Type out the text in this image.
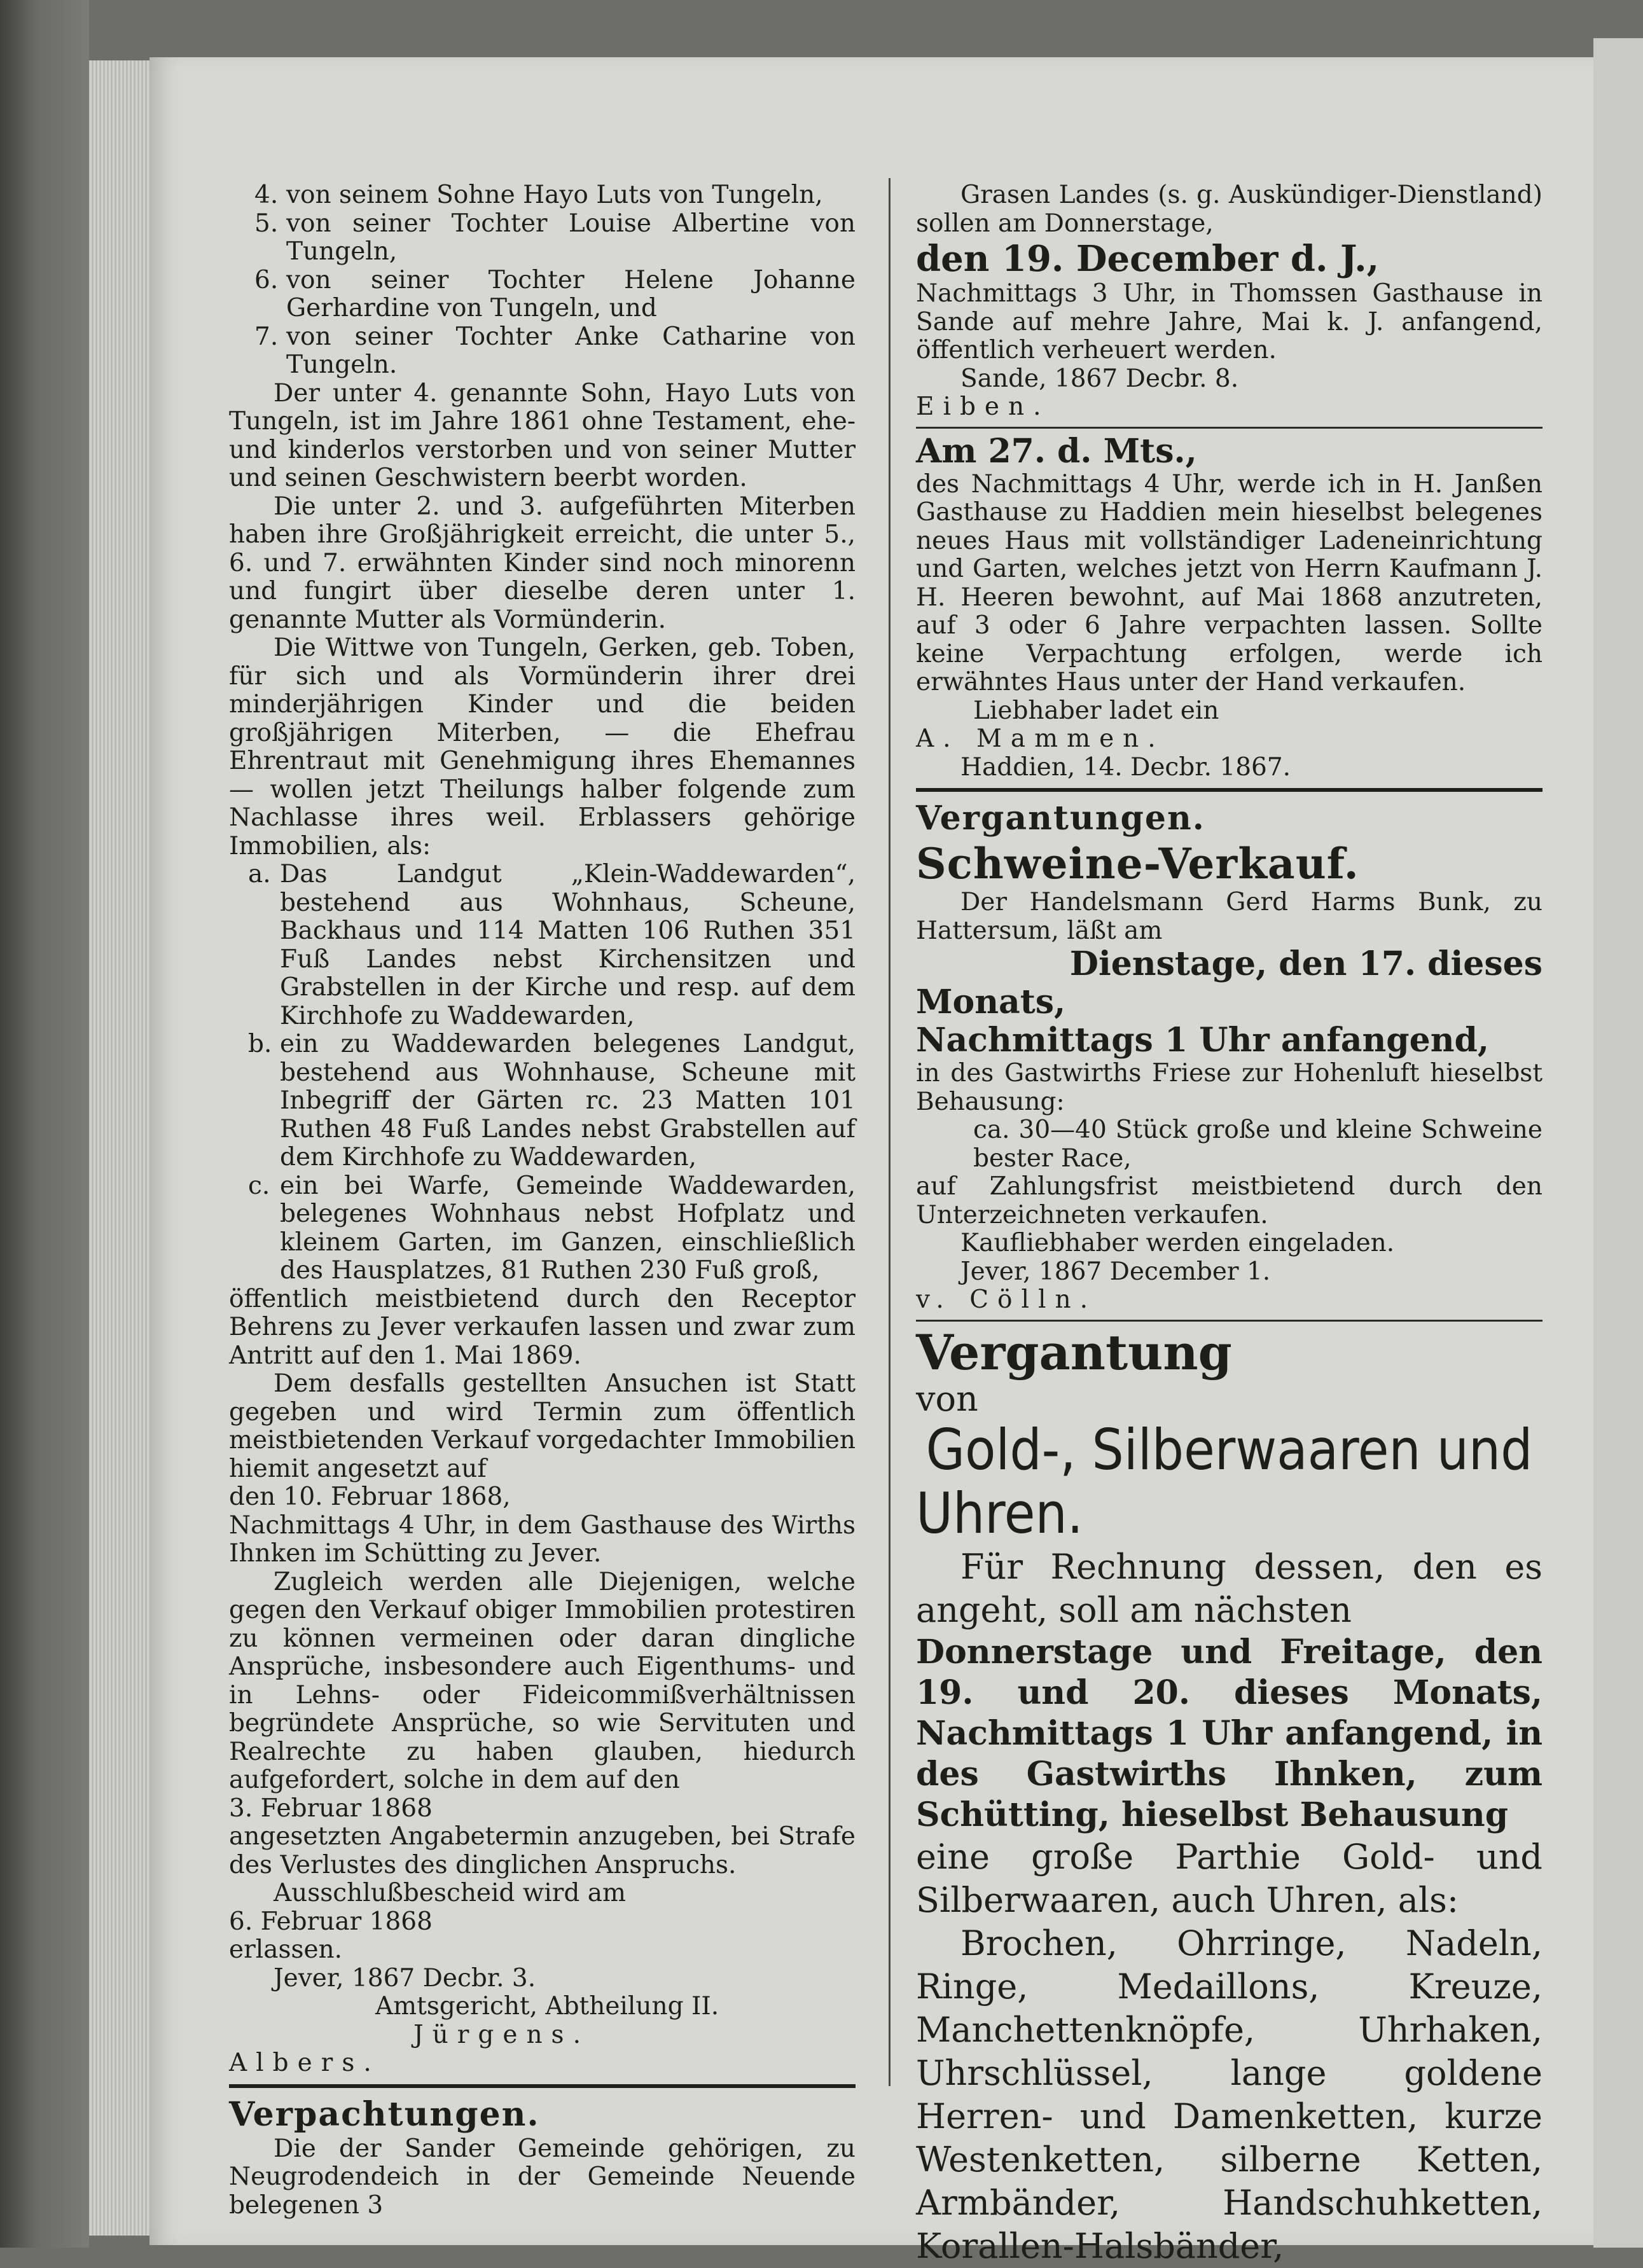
4. von seinem Sohne Hayo Luts von Tungeln,
5. von seiner Tochter Louise Albertine von Tungeln,
6. von seiner Tochter Helene Johanne Gerhardine von Tungeln, und
7. von seiner Tochter Anke Catharine von Tungeln.

Der unter 4. genannte Sohn, Hayo Luts von Tungeln, ist im Jahre 1861 ohne Testament, ehe- und kinderlos verstorben und von seiner Mutter und seinen Geschwistern beerbt worden.

Die unter 2. und 3. aufgeführten Miterben haben ihre Großjährigkeit erreicht, die unter 5., 6. und 7. erwähnten Kinder sind noch minorenn und fungirt über dieselbe deren unter 1. genannte Mutter als Vormünderin.

Die Wittwe von Tungeln, Gerken, geb. Toben, für sich und als Vormünderin ihrer drei minderjährigen Kinder und die beiden großjährigen Miterben, — die Ehefrau Ehrentraut mit Genehmigung ihres Ehemannes — wollen jetzt Theilungs halber folgende zum Nachlasse ihres weil. Erblassers gehörige Immobilien, als:

a. Das Landgut „Klein-Waddewarden“, bestehend aus Wohnhaus, Scheune, Backhaus und 114 Matten 106 Ruthen 351 Fuß Landes nebst Kirchensitzen und Grabstellen in der Kirche und resp. auf dem Kirchhofe zu Waddewarden,
b. ein zu Waddewarden belegenes Landgut, bestehend aus Wohnhause, Scheune mit Inbegriff der Gärten rc. 23 Matten 101 Ruthen 48 Fuß Landes nebst Grabstellen auf dem Kirchhofe zu Waddewarden,
c. ein bei Warfe, Gemeinde Waddewarden, belegenes Wohnhaus nebst Hofplatz und kleinem Garten, im Ganzen, einschließlich des Hausplatzes, 81 Ruthen 230 Fuß groß,

öffentlich meistbietend durch den Receptor Behrens zu Jever verkaufen lassen und zwar zum Antritt auf den 1. Mai 1869.

Dem desfalls gestellten Ansuchen ist Statt gegeben und wird Termin zum öffentlich meistbietenden Verkauf vorgedachter Immobilien hiemit angesetzt auf

den 10. Februar 1868,

Nachmittags 4 Uhr, in dem Gasthause des Wirths Ihnken im Schütting zu Jever.

Zugleich werden alle Diejenigen, welche gegen den Verkauf obiger Immobilien protestiren zu können vermeinen oder daran dingliche Ansprüche, insbesondere auch Eigenthums- und in Lehns- oder Fideicommißverhältnissen begründete Ansprüche, so wie Servituten und Realrechte zu haben glauben, hiedurch aufgefordert, solche in dem auf den

3. Februar 1868

angesetzten Angabetermin anzugeben, bei Strafe des Verlustes des dinglichen Anspruchs.

Ausschlußbescheid wird am

6. Februar 1868

erlassen.

Jever, 1867 Decbr. 3.

Amtsgericht, Abtheilung II.

Jürgens.

Albers.

Verpachtungen.

Die der Sander Gemeinde gehörigen, zu Neugrodendeich in der Gemeinde Neuende belegenen 3

Grasen Landes (s. g. Auskündiger-Dienstland) sollen am Donnerstage,

den 19. December d. J.,

Nachmittags 3 Uhr, in Thomssen Gasthause in Sande auf mehre Jahre, Mai k. J. anfangend, öffentlich verheuert werden.

Sande, 1867 Decbr. 8.

Eiben.

Am 27. d. Mts.,

des Nachmittags 4 Uhr, werde ich in H. Janßen Gasthause zu Haddien mein hieselbst belegenes neues Haus mit vollständiger Ladeneinrichtung und Garten, welches jetzt von Herrn Kaufmann J. H. Heeren bewohnt, auf Mai 1868 anzutreten, auf 3 oder 6 Jahre verpachten lassen. Sollte keine Verpachtung erfolgen, werde ich erwähntes Haus unter der Hand verkaufen.

Liebhaber ladet ein

A. Mammen.

Haddien, 14. Decbr. 1867.

Vergantungen.

Schweine-Verkauf.

Der Handelsmann Gerd Harms Bunk, zu Hattersum, läßt am

Dienstage, den 17. dieses Monats,

Nachmittags 1 Uhr anfangend,

in des Gastwirths Friese zur Hohenluft hieselbst Behausung:

ca. 30—40 Stück große und kleine Schweine bester Race,

auf Zahlungsfrist meistbietend durch den Unterzeichneten verkaufen.

Kaufliebhaber werden eingeladen.

Jever, 1867 December 1.

v. Cölln.

Vergantung

von

Gold-, Silberwaaren und Uhren.

Für Rechnung dessen, den es angeht, soll am nächsten

Donnerstage und Freitage, den 19. und 20. dieses Monats, Nachmittags 1 Uhr anfangend, in des Gastwirths Ihnken, zum Schütting, hieselbst Behausung

eine große Parthie Gold- und Silberwaaren, auch Uhren, als:

Brochen, Ohrringe, Nadeln, Ringe, Medaillons, Kreuze, Manchettenknöpfe, Uhrhaken, Uhrschlüssel, lange goldene Herren- und Damenketten, kurze Westenketten, silberne Ketten, Armbänder, Handschuhketten, Korallen-Halsbänder,
